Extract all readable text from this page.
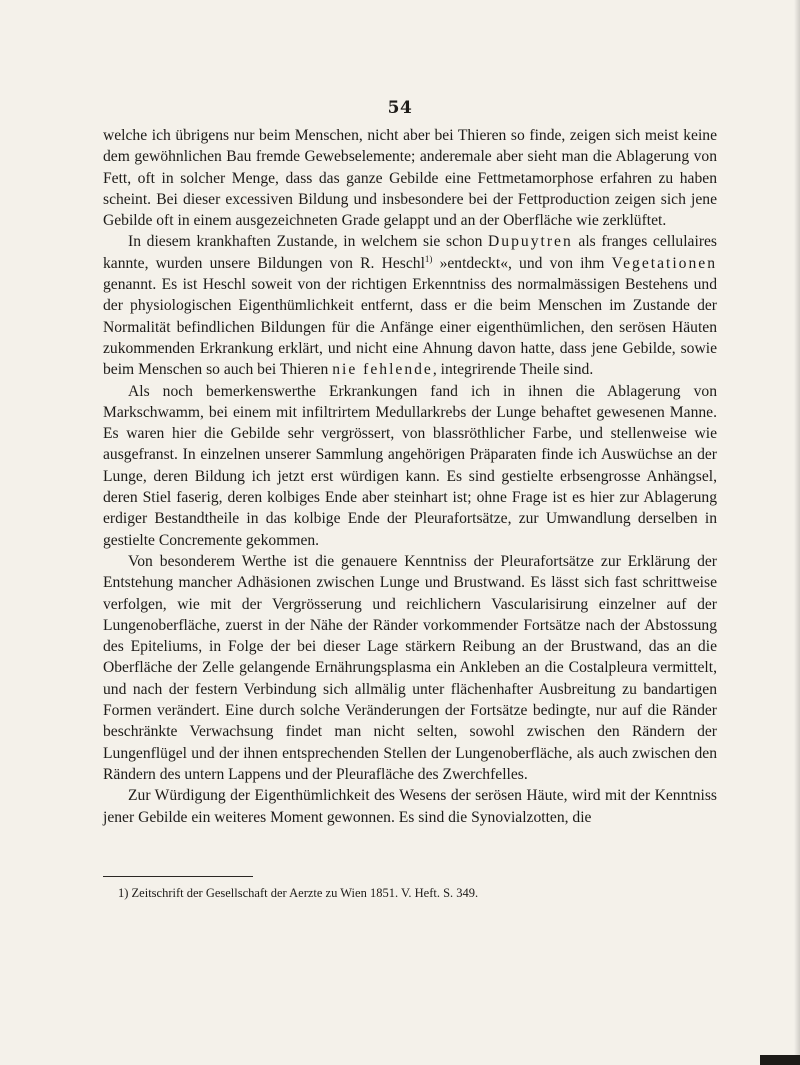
54

welche ich übrigens nur beim Menschen, nicht aber bei Thieren so finde, zeigen sich meist keine dem gewöhnlichen Bau fremde Gewebselemente; anderemale aber sieht man die Ablagerung von Fett, oft in solcher Menge, dass das ganze Gebilde eine Fettmetamorphose erfahren zu haben scheint. Bei dieser excessiven Bildung und insbesondere bei der Fettproduction zeigen sich jene Gebilde oft in einem ausgezeichneten Grade gelappt und an der Oberfläche wie zerklüftet.

In diesem krankhaften Zustande, in welchem sie schon Dupuytren als franges cellulaires kannte, wurden unsere Bildungen von R. Heschl$^{1)}$ »entdeckt«, und von ihm Vegetationen genannt. Es ist Heschl soweit von der richtigen Erkenntniss des normalmässigen Bestehens und der physiologischen Eigenthümlichkeit entfernt, dass er die beim Menschen im Zustande der Normalität befindlichen Bildungen für die Anfänge einer eigenthümlichen, den serösen Häuten zukommenden Erkrankung erklärt, und nicht eine Ahnung davon hatte, dass jene Gebilde, sowie beim Menschen so auch bei Thieren nie fehlende, integrirende Theile sind.

Als noch bemerkenswerthe Erkrankungen fand ich in ihnen die Ablagerung von Markschwamm, bei einem mit infiltrirtem Medullarkrebs der Lunge behaftet gewesenen Manne. Es waren hier die Gebilde sehr vergrössert, von blassröthlicher Farbe, und stellenweise wie ausgefranst. In einzelnen unserer Sammlung angehörigen Präparaten finde ich Auswüchse an der Lunge, deren Bildung ich jetzt erst würdigen kann. Es sind gestielte erbsengrosse Anhängsel, deren Stiel faserig, deren kolbiges Ende aber steinhart ist; ohne Frage ist es hier zur Ablagerung erdiger Bestandtheile in das kolbige Ende der Pleurafortsätze, zur Umwandlung derselben in gestielte Concremente gekommen.

Von besonderem Werthe ist die genauere Kenntniss der Pleurafortsätze zur Erklärung der Entstehung mancher Adhäsionen zwischen Lunge und Brustwand. Es lässt sich fast schrittweise verfolgen, wie mit der Vergrösserung und reichlichern Vascularisirung einzelner auf der Lungenoberfläche, zuerst in der Nähe der Ränder vorkommender Fortsätze nach der Abstossung des Epiteliums, in Folge der bei dieser Lage stärkern Reibung an der Brustwand, das an die Oberfläche der Zelle gelangende Ernährungsplasma ein Ankleben an die Costalpleura vermittelt, und nach der festern Verbindung sich allmälig unter flächenhafter Ausbreitung zu bandartigen Formen verändert. Eine durch solche Veränderungen der Fortsätze bedingte, nur auf die Ränder beschränkte Verwachsung findet man nicht selten, sowohl zwischen den Rändern der Lungenflügel und der ihnen entsprechenden Stellen der Lungenoberfläche, als auch zwischen den Rändern des untern Lappens und der Pleurafläche des Zwerchfelles.

Zur Würdigung der Eigenthümlichkeit des Wesens der serösen Häute, wird mit der Kenntniss jener Gebilde ein weiteres Moment gewonnen. Es sind die Synovialzotten, die

1) Zeitschrift der Gesellschaft der Aerzte zu Wien 1851. V. Heft. S. 349.
